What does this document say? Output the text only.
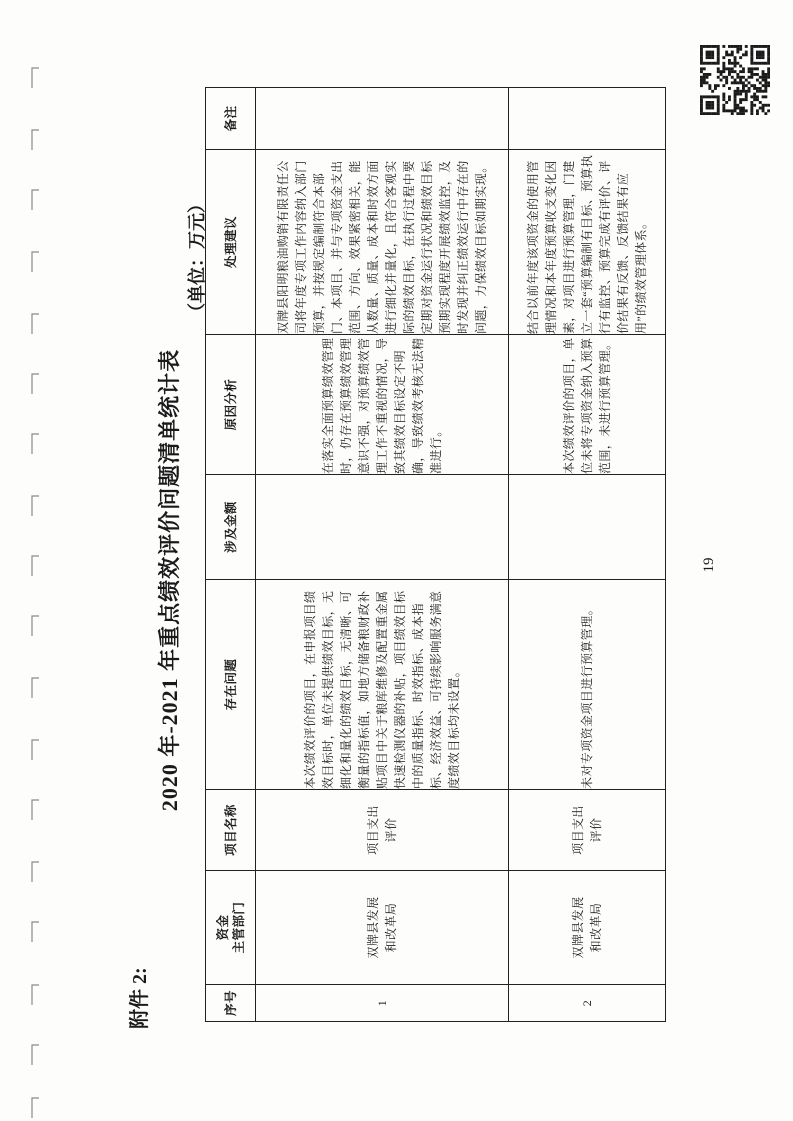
附件 2:
2020 年-2021 年重点绩效评价问题清单统计表
（单位：万元）
序号	资金 主管部门	项目名称	存在问题	涉及金额	原因分析	处理建议	备注
1	双牌县发展 和改革局	项目支出 评价	本次绩效评价的项目，在申报项目绩效目标时，单位未提供绩效目标，无细化和量化的绩效目标，无清晰、可衡量的指标值，如地方储备粮财政补贴项目中关于粮库维修及配置重金属快速检测仪器的补贴，项目绩效目标中的质量指标、时效指标、成本指标、经济效益、可持续影响服务满意度绩效目标均未设置。		在落实全面预算绩效管理时，仍存在预算绩效管理意识不强，对预算绩效管理工作不重视的情况，导致其绩效目标设定不明确，导致绩效考核无法精准进行。	双牌县阳明粮油购销有限责任公司将年度专项工作内容纳入部门预算，并按规定编制符合本部门、本项目、并与专项资金支出范围、方向、效果紧密相关，能从数量、质量、成本和时效方面进行细化并量化，且符合客观实际的绩效目标，在执行过程中要定期对资金运行状况和绩效目标预期实现程度开展绩效监控，及时发现并纠正绩效运行中存在的问题，力保绩效目标如期实现。	
2	双牌县发展 和改革局	项目支出 评价	未对专项资金项目进行预算管理。		本次绩效评价的项目，单位未将专项资金纳入预算范围，未进行预算管理。	结合以前年度该项资金的使用管理情况和本年度预算收支变化因素，对项目进行预算管理，门建立一套“预算编制有目标、预算执行有监控、预算完成有评价、评价结果有反馈、反馈结果有应用”的绩效管理体系。	
19
